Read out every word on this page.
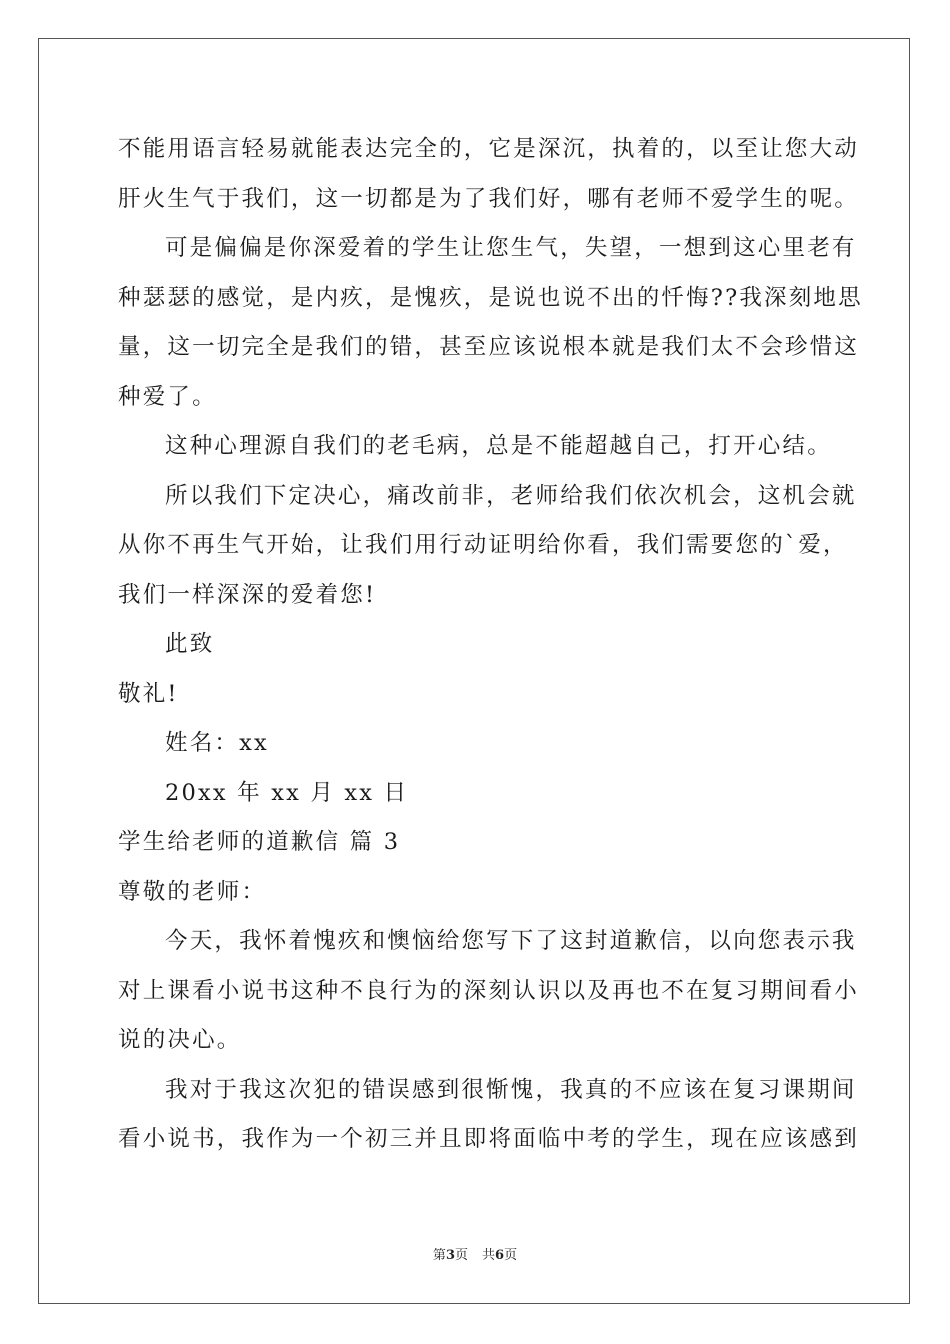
不能用语言轻易就能表达完全的，它是深沉，执着的，以至让您大动
肝火生气于我们，这一切都是为了我们好，哪有老师不爱学生的呢。
可是偏偏是你深爱着的学生让您生气，失望，一想到这心里老有
种瑟瑟的感觉，是内疚，是愧疚，是说也说不出的忏悔??我深刻地思
量，这一切完全是我们的错，甚至应该说根本就是我们太不会珍惜这
种爱了。
这种心理源自我们的老毛病，总是不能超越自己，打开心结。
所以我们下定决心，痛改前非，老师给我们依次机会，这机会就
从你不再生气开始，让我们用行动证明给你看，我们需要您的`爱，
我们一样深深的爱着您!
此致
敬礼!
姓名：xx
20xx 年 xx 月 xx 日
学生给老师的道歉信 篇 3
尊敬的老师：
今天，我怀着愧疚和懊恼给您写下了这封道歉信，以向您表示我
对上课看小说书这种不良行为的深刻认识以及再也不在复习期间看小
说的决心。
我对于我这次犯的错误感到很惭愧，我真的不应该在复习课期间
看小说书，我作为一个初三并且即将面临中考的学生，现在应该感到
第3页 共6页
